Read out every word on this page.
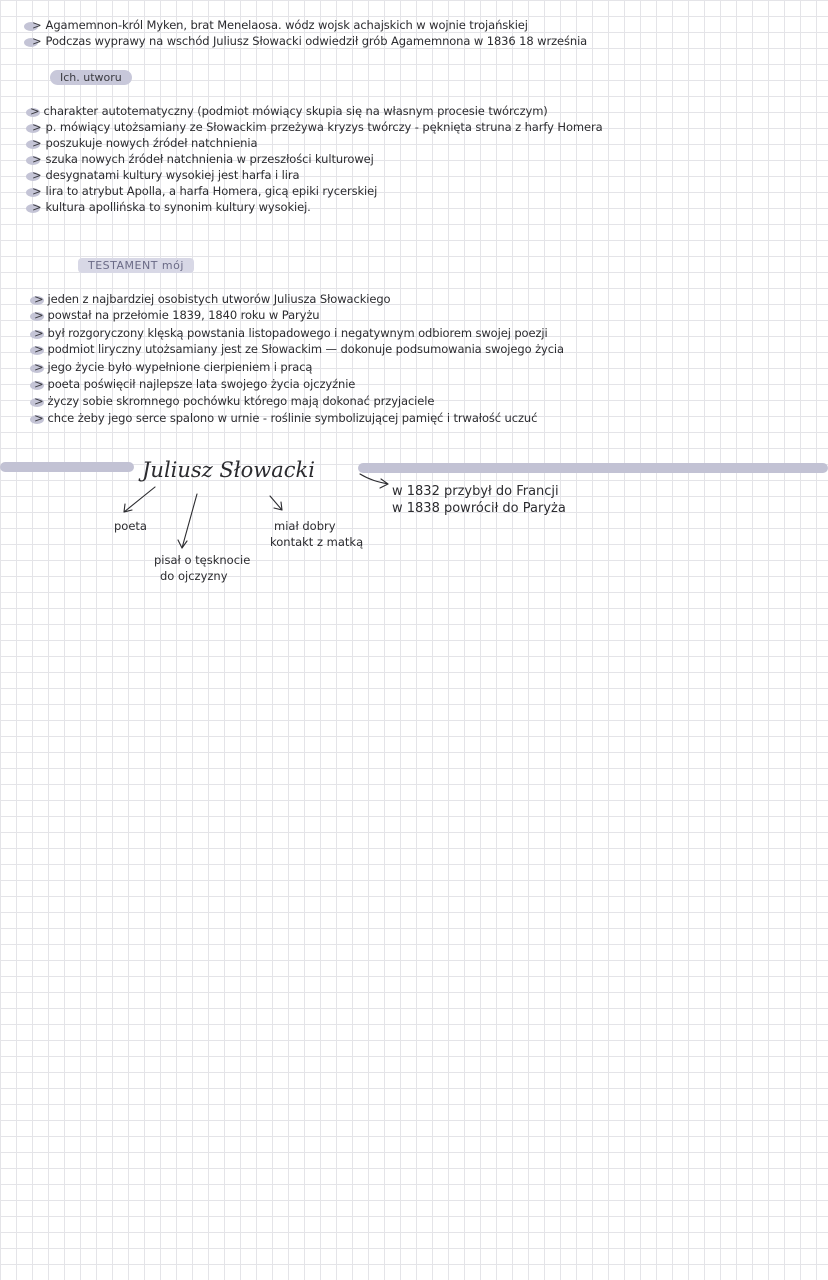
> Agamemnon-król Myken, brat Menelaosa. wódz wojsk achajskich w wojnie trojańskiej
> Podczas wyprawy na wschód Juliusz Słowacki odwiedził grób Agamemnona w 1836 18 września
Ich. utworu
> charakter autotematyczny (podmiot mówiący skupia się na własnym procesie twórczym)
> p. mówiący utożsamiany ze Słowackim przeżywa kryzys twórczy - pęknięta struna z harfy Homera
> poszukuje nowych źródeł natchnienia
> szuka nowych źródeł natchnienia w przeszłości kulturowej
> desygnatami kultury wysokiej jest harfa i lira
> lira to atrybut Apolla, a harfa Homera, gicą epiki rycerskiej
> kultura apollińska to synonim kultury wysokiej.
TESTAMENT mój
> jeden z najbardziej osobistych utworów Juliusza Słowackiego
> powstał na przełomie 1839, 1840 roku w Paryżu
> był rozgoryczony klęską powstania listopadowego i negatywnym odbiorem swojej poezji
> podmiot liryczny utożsamiany jest ze Słowackim — dokonuje podsumowania swojego życia
> jego życie było wypełnione cierpieniem i pracą
> poeta poświęcił najlepsze lata swojego życia ojczyźnie
> życzy sobie skromnego pochówku którego mają dokonać przyjaciele
> chce żeby jego serce spalono w urnie - roślinie symbolizującej pamięć i trwałość uczuć
Juliusz Słowacki
poeta
pisał o tęsknocie
do ojczyzny
miał dobry
kontakt z matką
w 1832 przybył do Francji
w 1838 powrócił do Paryża
